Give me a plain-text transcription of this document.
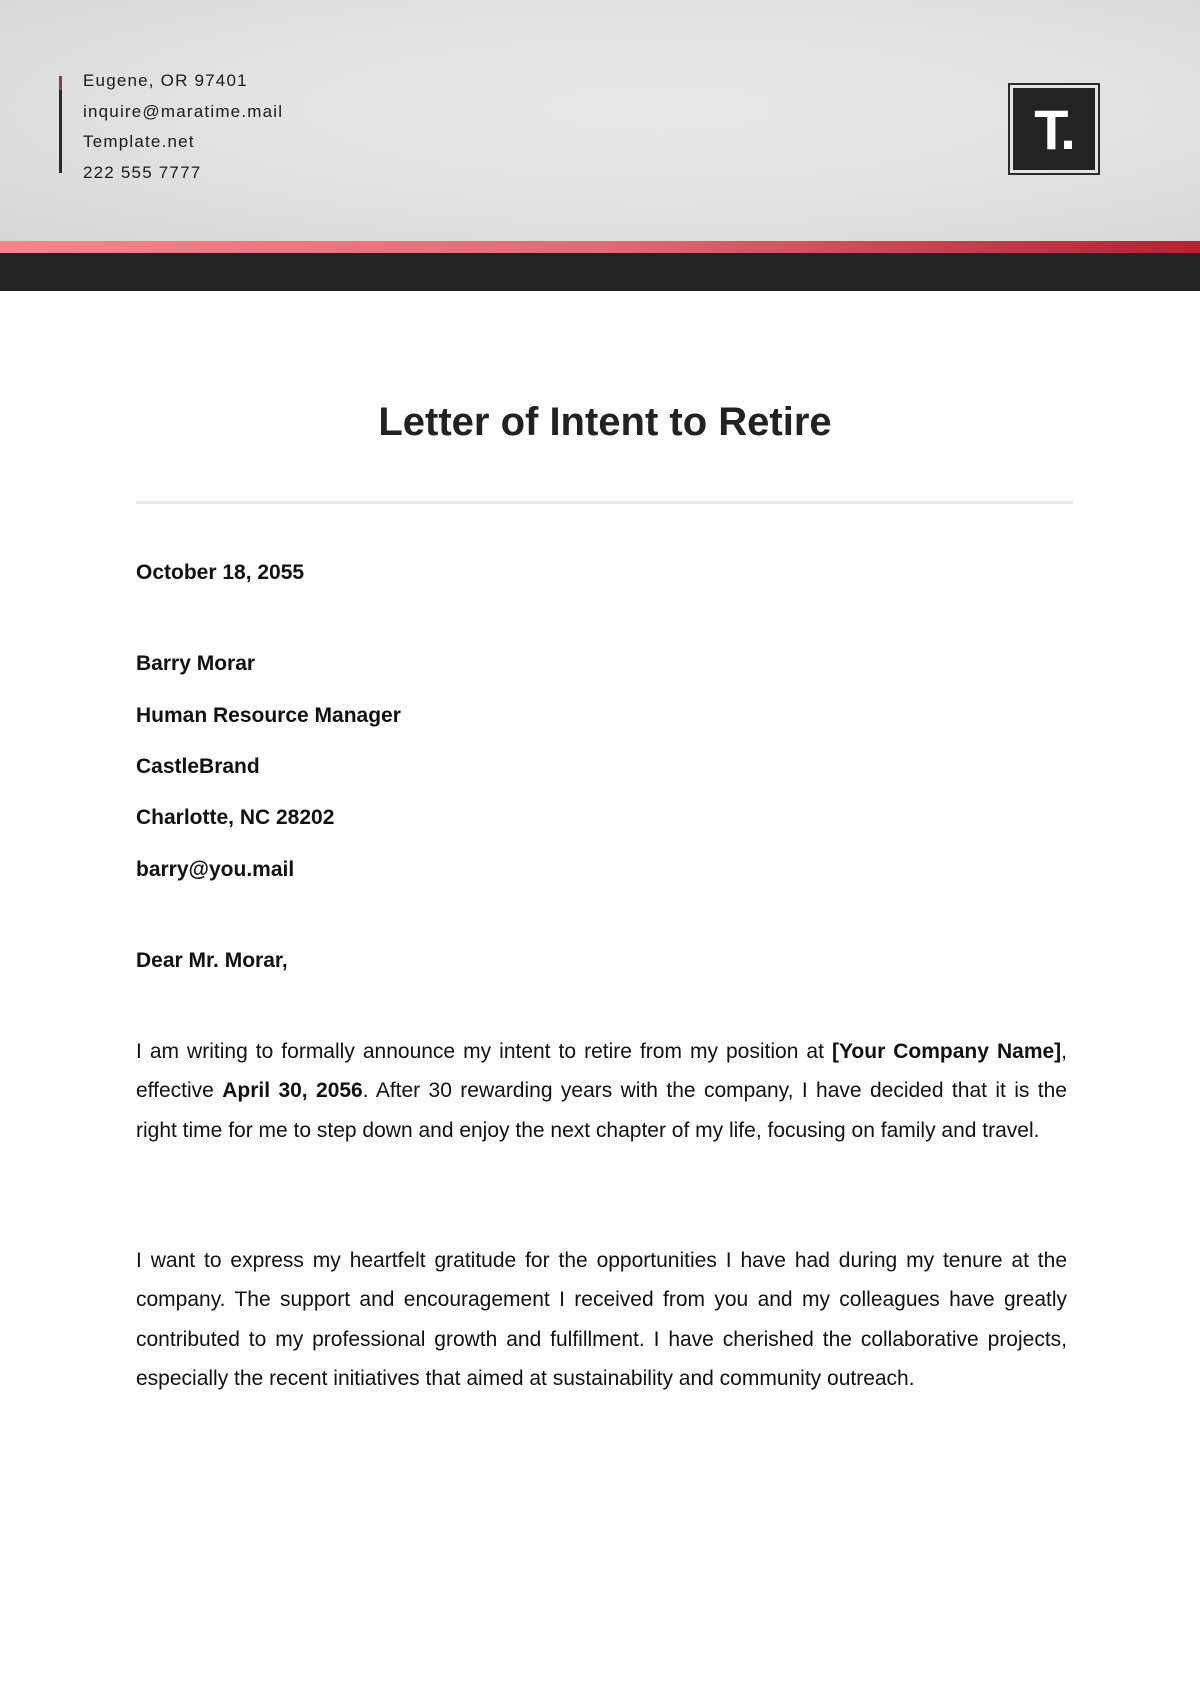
Eugene, OR 97401
inquire@maratime.mail
Template.net
222 555 7777
T.
Letter of Intent to Retire
October 18, 2055
Barry Morar
Human Resource Manager
CastleBrand
Charlotte, NC 28202
barry@you.mail
Dear Mr. Morar,
I am writing to formally announce my intent to retire from my position at [Your Company Name], effective April 30, 2056. After 30 rewarding years with the company, I have decided that it is the right time for me to step down and enjoy the next chapter of my life, focusing on family and travel.
I want to express my heartfelt gratitude for the opportunities I have had during my tenure at the company. The support and encouragement I received from you and my colleagues have greatly contributed to my professional growth and fulfillment. I have cherished the collaborative projects, especially the recent initiatives that aimed at sustainability and community outreach.
